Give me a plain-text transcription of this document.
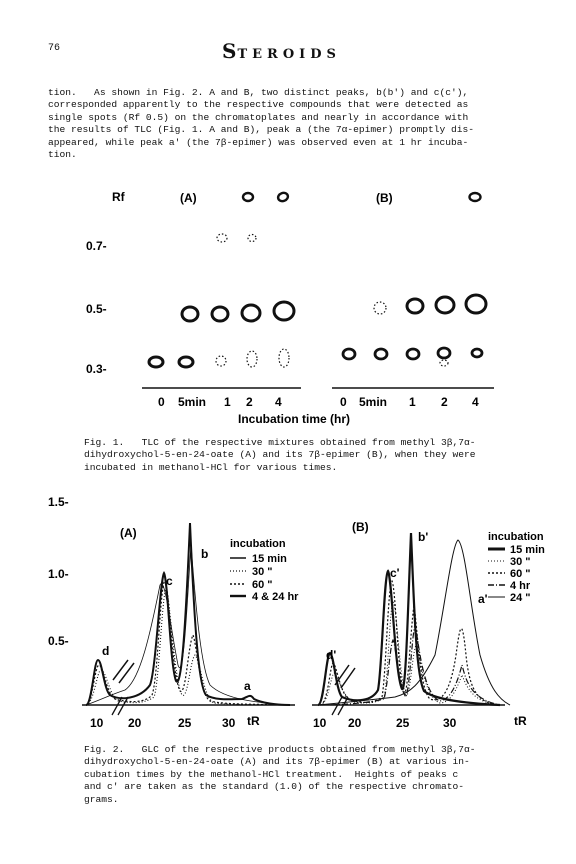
76	STEROIDS
tion.   As shown in Fig. 2. A and B, two distinct peaks, b(b') and c(c'),
corresponded apparently to the respective compounds that were detected as
single spots (Rf 0.5) on the chromatoplates and nearly in accordance with
the results of TLC (Fig. 1. A and B), peak a (the 7α-epimer) promptly dis-
appeared, while peak a' (the 7β-epimer) was observed even at 1 hr incuba-
tion.
Rf	(A)	(B)
0.7-
0.5-
0.3-
0 5min 1 2 4	0 5min 1 2 4
Incubation time (hr)
Fig. 1.   TLC of the respective mixtures obtained from methyl 3β,7α-
dihydroxychol-5-en-24-oate (A) and its 7β-epimer (B), when they were
incubated in methanol-HCl for various times.
1.5-
1.0-
0.5-
(A)	(B)
d
c
b
a
d'
c'
b'
a'
incubation
15 min
30 "
60 "
4 & 24 hr
incubation
15 min
30 "
60 "
4 hr
24 "
10 20	25	30 tR	10 20	25	30	tR
Fig. 2.   GLC of the respective products obtained from methyl 3β,7α-
dihydroxychol-5-en-24-oate (A) and its 7β-epimer (B) at various in-
cubation times by the methanol-HCl treatment.  Heights of peaks c
and c' are taken as the standard (1.0) of the respective chromato-
grams.
